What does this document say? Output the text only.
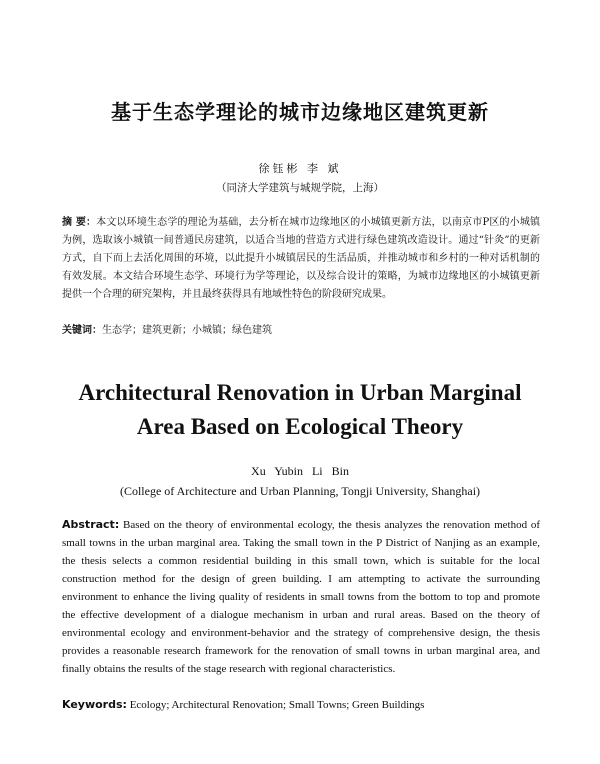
基于生态学理论的城市边缘地区建筑更新
徐钰彬 李 斌
（同济大学建筑与城规学院，上海）
摘 要：本文以环境生态学的理论为基础，去分析在城市边缘地区的小城镇更新方法，以南京市P区的小城镇为例，选取该小城镇一间普通民房建筑，以适合当地的营造方式进行绿色建筑改造设计。通过“针灸”的更新方式，自下而上去活化周围的环境，以此提升小城镇居民的生活品质，并推动城市和乡村的一种对话机制的有效发展。本文结合环境生态学、环境行为学等理论，以及综合设计的策略，为城市边缘地区的小城镇更新提供一个合理的研究架构，并且最终获得具有地域性特色的阶段研究成果。
关键词：生态学；建筑更新；小城镇；绿色建筑
Architectural Renovation in Urban Marginal
Area Based on Ecological Theory
Xu Yubin Li Bin
(College of Architecture and Urban Planning, Tongji University, Shanghai)
Abstract: Based on the theory of environmental ecology, the thesis analyzes the renovation method of small towns in the urban marginal area. Taking the small town in the P District of Nanjing as an example, the thesis selects a common residential building in this small town, which is suitable for the local construction method for the design of green building. I am attempting to activate the surrounding environment to enhance the living quality of residents in small towns from the bottom to top and promote the effective development of a dialogue mechanism in urban and rural areas. Based on the theory of environmental ecology and environment-behavior and the strategy of comprehensive design, the thesis provides a reasonable research framework for the renovation of small towns in urban marginal area, and finally obtains the results of the stage research with regional characteristics.
Keywords: Ecology; Architectural Renovation; Small Towns; Green Buildings
